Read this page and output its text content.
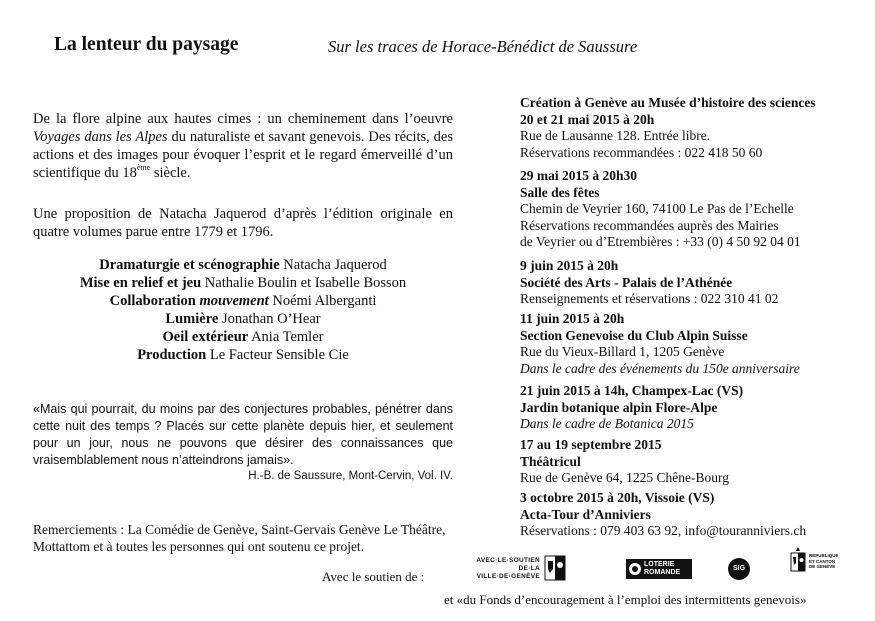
La lenteur du paysage	Sur les traces de Horace-Bénédict de Saussure
De la flore alpine aux hautes cimes : un cheminement dans l’oeuvre Voyages dans les Alpes du naturaliste et savant genevois. Des récits, des actions et des images pour évoquer l’esprit et le regard émerveillé d’un scientifique du 18ème siècle.
Une proposition de Natacha Jaquerod d’après l’édition originale en quatre volumes parue entre 1779 et 1796.
Dramaturgie et scénographie Natacha Jaquerod
Mise en relief et jeu Nathalie Boulin et Isabelle Bosson
Collaboration mouvement Noémi Alberganti
Lumière Jonathan O’Hear
Oeil extérieur Ania Temler
Production Le Facteur Sensible Cie
«Mais qui pourrait, du moins par des conjectures probables, pénétrer dans cette nuit des temps ? Placés sur cette planète depuis hier, et seulement pour un jour, nous ne pouvons que désirer des connaissances que vraisemblablement nous n’atteindrons jamais».
H.-B. de Saussure, Mont-Cervin, Vol. IV.
Remerciements : La Comédie de Genève, Saint-Gervais Genève Le Théâtre, Mottattom et à toutes les personnes qui ont soutenu ce projet.
Avec le soutien de :
et «du Fonds d’encouragement à l’emploi des intermittents genevois»
Création à Genève au Musée d’histoire des sciences
20 et 21 mai 2015 à 20h
Rue de Lausanne 128. Entrée libre.
Réservations recommandées : 022 418 50 60
29 mai 2015 à 20h30
Salle des fêtes
Chemin de Veyrier 160, 74100 Le Pas de l’Echelle
Réservations recommandées auprès des Mairies
de Veyrier ou d’Etrembières : +33 (0) 4 50 92 04 01
9 juin 2015 à 20h
Société des Arts - Palais de l’Athénée
Renseignements et réservations : 022 310 41 02
11 juin 2015 à 20h
Section Genevoise du Club Alpin Suisse
Rue du Vieux-Billard 1, 1205 Genève
Dans le cadre des événements du 150e anniversaire
21 juin 2015 à 14h, Champex-Lac (VS)
Jardin botanique alpin Flore-Alpe
Dans le cadre de Botanica 2015
17 au 19 septembre 2015
Théâtricul
Rue de Genève 64, 1225 Chêne-Bourg
3 octobre 2015 à 20h, Vissoie (VS)
Acta-Tour d’Anniviers
Réservations : 079 403 63 92, info@touranniviers.ch
AVEC·LE·SOUTIEN
DE·LA
VILLE·DE·GENÈVE
LOTERIE
ROMANDE
SIG
RÉPUBLIQUE
ET CANTON
DE GENÈVE
